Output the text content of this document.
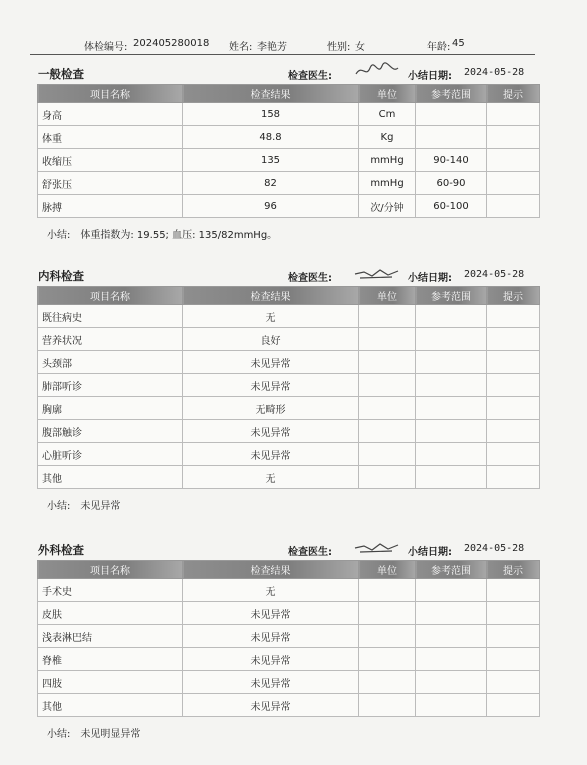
体检编号: 202405280018 姓名: 李艳芳	性别: 女	年龄: 45
一般检查	检查医生:	小结日期: 2024-05-28
项目名称	检查结果	单位	参考范围	提示
身高	158	Cm		
体重	48.8	Kg		
收缩压	135	mmHg	90-140	
舒张压	82	mmHg	60-90	
脉搏	96	次/分钟	60-100	
小结: 体重指数为: 19.55; 血压: 135/82mmHg。
内科检查	检查医生:	小结日期: 2024-05-28
项目名称	检查结果	单位	参考范围	提示
既往病史	无			
营养状况	良好			
头颈部	未见异常			
肺部听诊	未见异常			
胸廓	无畸形			
腹部触诊	未见异常			
心脏听诊	未见异常			
其他	无			
小结: 未见异常
外科检查	检查医生:	小结日期: 2024-05-28
项目名称	检查结果	单位	参考范围	提示
手术史	无			
皮肤	未见异常			
浅表淋巴结	未见异常			
脊椎	未见异常			
四肢	未见异常			
其他	未见异常			
小结: 未见明显异常
